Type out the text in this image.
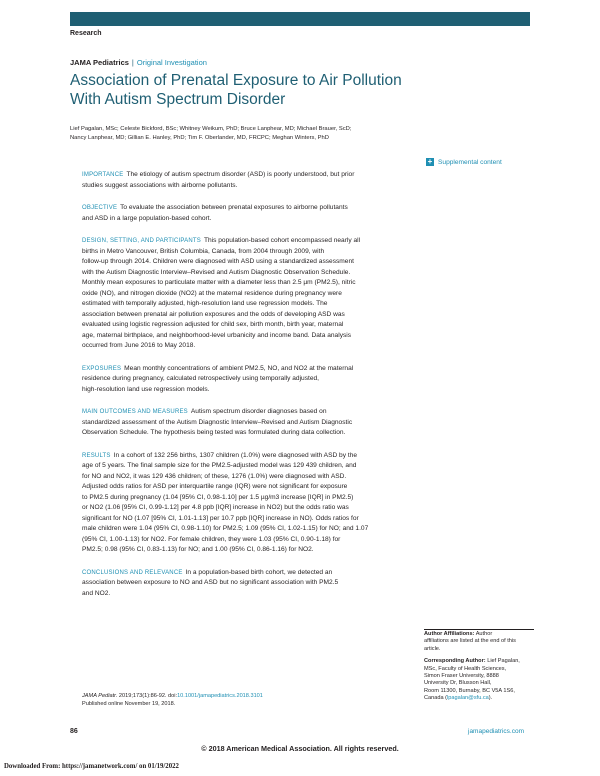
Research
JAMA Pediatrics | Original Investigation
Association of Prenatal Exposure to Air Pollution
With Autism Spectrum Disorder
Lief Pagalan, MSc; Celeste Bickford, BSc; Whitney Weikum, PhD; Bruce Lanphear, MD; Michael Brauer, ScD;
Nancy Lanphear, MD; Gillian E. Hanley, PhD; Tim F. Oberlander, MD, FRCPC; Meghan Winters, PhD
+ Supplemental content

IMPORTANCE The etiology of autism spectrum disorder (ASD) is poorly understood, but prior
studies suggest associations with airborne pollutants.

OBJECTIVE To evaluate the association between prenatal exposures to airborne pollutants
and ASD in a large population-based cohort.

DESIGN, SETTING, AND PARTICIPANTS This population-based cohort encompassed nearly all
births in Metro Vancouver, British Columbia, Canada, from 2004 through 2009, with
follow-up through 2014. Children were diagnosed with ASD using a standardized assessment
with the Autism Diagnostic Interview–Revised and Autism Diagnostic Observation Schedule.
Monthly mean exposures to particulate matter with a diameter less than 2.5 µm (PM2.5), nitric
oxide (NO), and nitrogen dioxide (NO2) at the maternal residence during pregnancy were
estimated with temporally adjusted, high-resolution land use regression models. The
association between prenatal air pollution exposures and the odds of developing ASD was
evaluated using logistic regression adjusted for child sex, birth month, birth year, maternal
age, maternal birthplace, and neighborhood-level urbanicity and income band. Data analysis
occurred from June 2016 to May 2018.

EXPOSURES Mean monthly concentrations of ambient PM2.5, NO, and NO2 at the maternal
residence during pregnancy, calculated retrospectively using temporally adjusted,
high-resolution land use regression models.

MAIN OUTCOMES AND MEASURES Autism spectrum disorder diagnoses based on
standardized assessment of the Autism Diagnostic Interview–Revised and Autism Diagnostic
Observation Schedule. The hypothesis being tested was formulated during data collection.

RESULTS In a cohort of 132 256 births, 1307 children (1.0%) were diagnosed with ASD by the
age of 5 years. The final sample size for the PM2.5-adjusted model was 129 439 children, and
for NO and NO2, it was 129 436 children; of these, 1276 (1.0%) were diagnosed with ASD.
Adjusted odds ratios for ASD per interquartile range (IQR) were not significant for exposure
to PM2.5 during pregnancy (1.04 [95% CI, 0.98-1.10] per 1.5 µg/m3 increase [IQR] in PM2.5)
or NO2 (1.06 [95% CI, 0.99-1.12] per 4.8 ppb [IQR] increase in NO2) but the odds ratio was
significant for NO (1.07 [95% CI, 1.01-1.13] per 10.7 ppb [IQR] increase in NO). Odds ratios for
male children were 1.04 (95% CI, 0.98-1.10) for PM2.5; 1.09 (95% CI, 1.02-1.15) for NO; and 1.07
(95% CI, 1.00-1.13) for NO2. For female children, they were 1.03 (95% CI, 0.90-1.18) for
PM2.5; 0.98 (95% CI, 0.83-1.13) for NO; and 1.00 (95% CI, 0.86-1.16) for NO2.

CONCLUSIONS AND RELEVANCE In a population-based birth cohort, we detected an
association between exposure to NO and ASD but no significant association with PM2.5
and NO2.

Author Affiliations: Author
affiliations are listed at the end of this
article.
Corresponding Author: Lief Pagalan,
MSc, Faculty of Health Sciences,
Simon Fraser University, 8888
University Dr, Blusson Hall,
Room 11300, Burnaby, BC V5A 1S6,
Canada (lpagalan@sfu.ca).
JAMA Pediatr. 2019;173(1):86-92. doi:10.1001/jamapediatrics.2018.3101
Published online November 19, 2018.
86	jamapediatrics.com
© 2018 American Medical Association. All rights reserved.
Downloaded From: https://jamanetwork.com/ on 01/19/2022
